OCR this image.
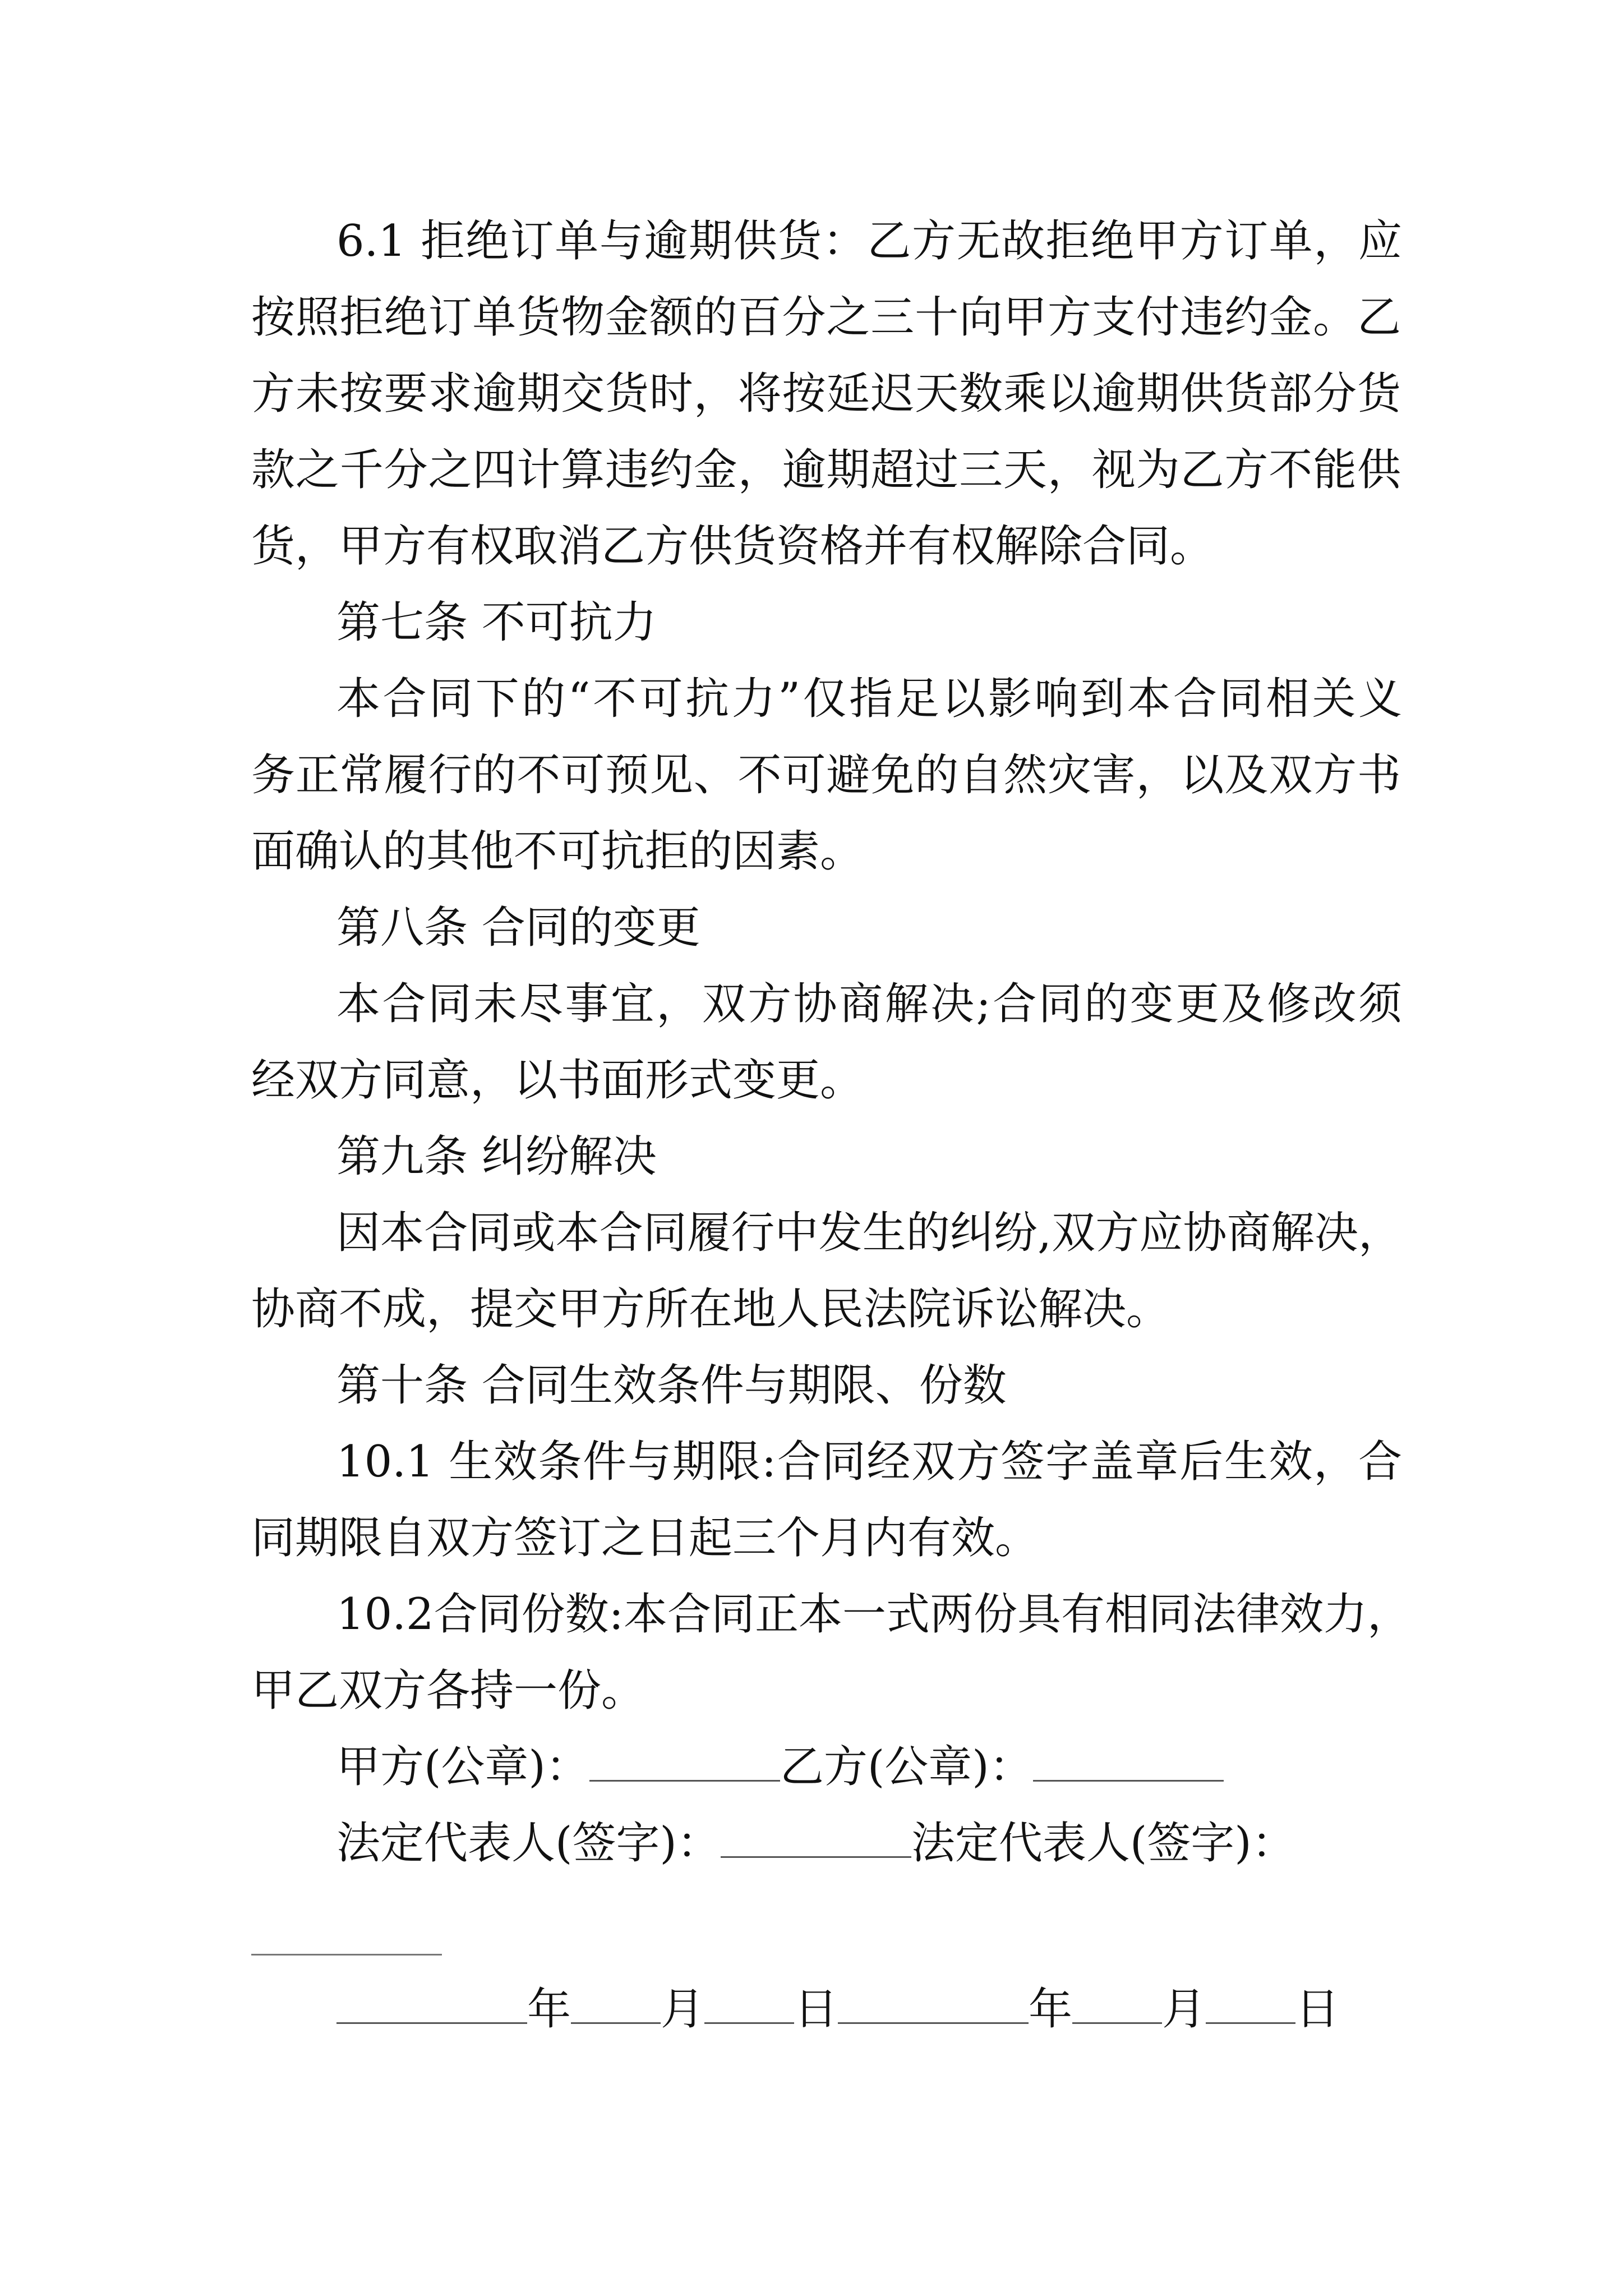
6.1 拒绝订单与逾期供货：乙方无故拒绝甲方订单，应
按照拒绝订单货物金额的百分之三十向甲方支付违约金。乙
方未按要求逾期交货时，将按延迟天数乘以逾期供货部分货
款之千分之四计算违约金，逾期超过三天，视为乙方不能供
货，甲方有权取消乙方供货资格并有权解除合同。
第七条 不可抗力
本合同下的“不可抗力”仅指足以影响到本合同相关义
务正常履行的不可预见、不可避免的自然灾害，以及双方书
面确认的其他不可抗拒的因素。
第八条 合同的变更
本合同未尽事宜，双方协商解决;合同的变更及修改须
经双方同意，以书面形式变更。
第九条 纠纷解决
因本合同或本合同履行中发生的纠纷,双方应协商解决，
协商不成，提交甲方所在地人民法院诉讼解决。
第十条 合同生效条件与期限、份数
10.1 生效条件与期限:合同经双方签字盖章后生效，合
同期限自双方签订之日起三个月内有效。
10.2合同份数:本合同正本一式两份具有相同法律效力，
甲乙双方各持一份。
甲方(公章)：	乙方(公章)：
法定代表人(签字)：	法定代表人(签字)：
年 月 日	年 月 日
